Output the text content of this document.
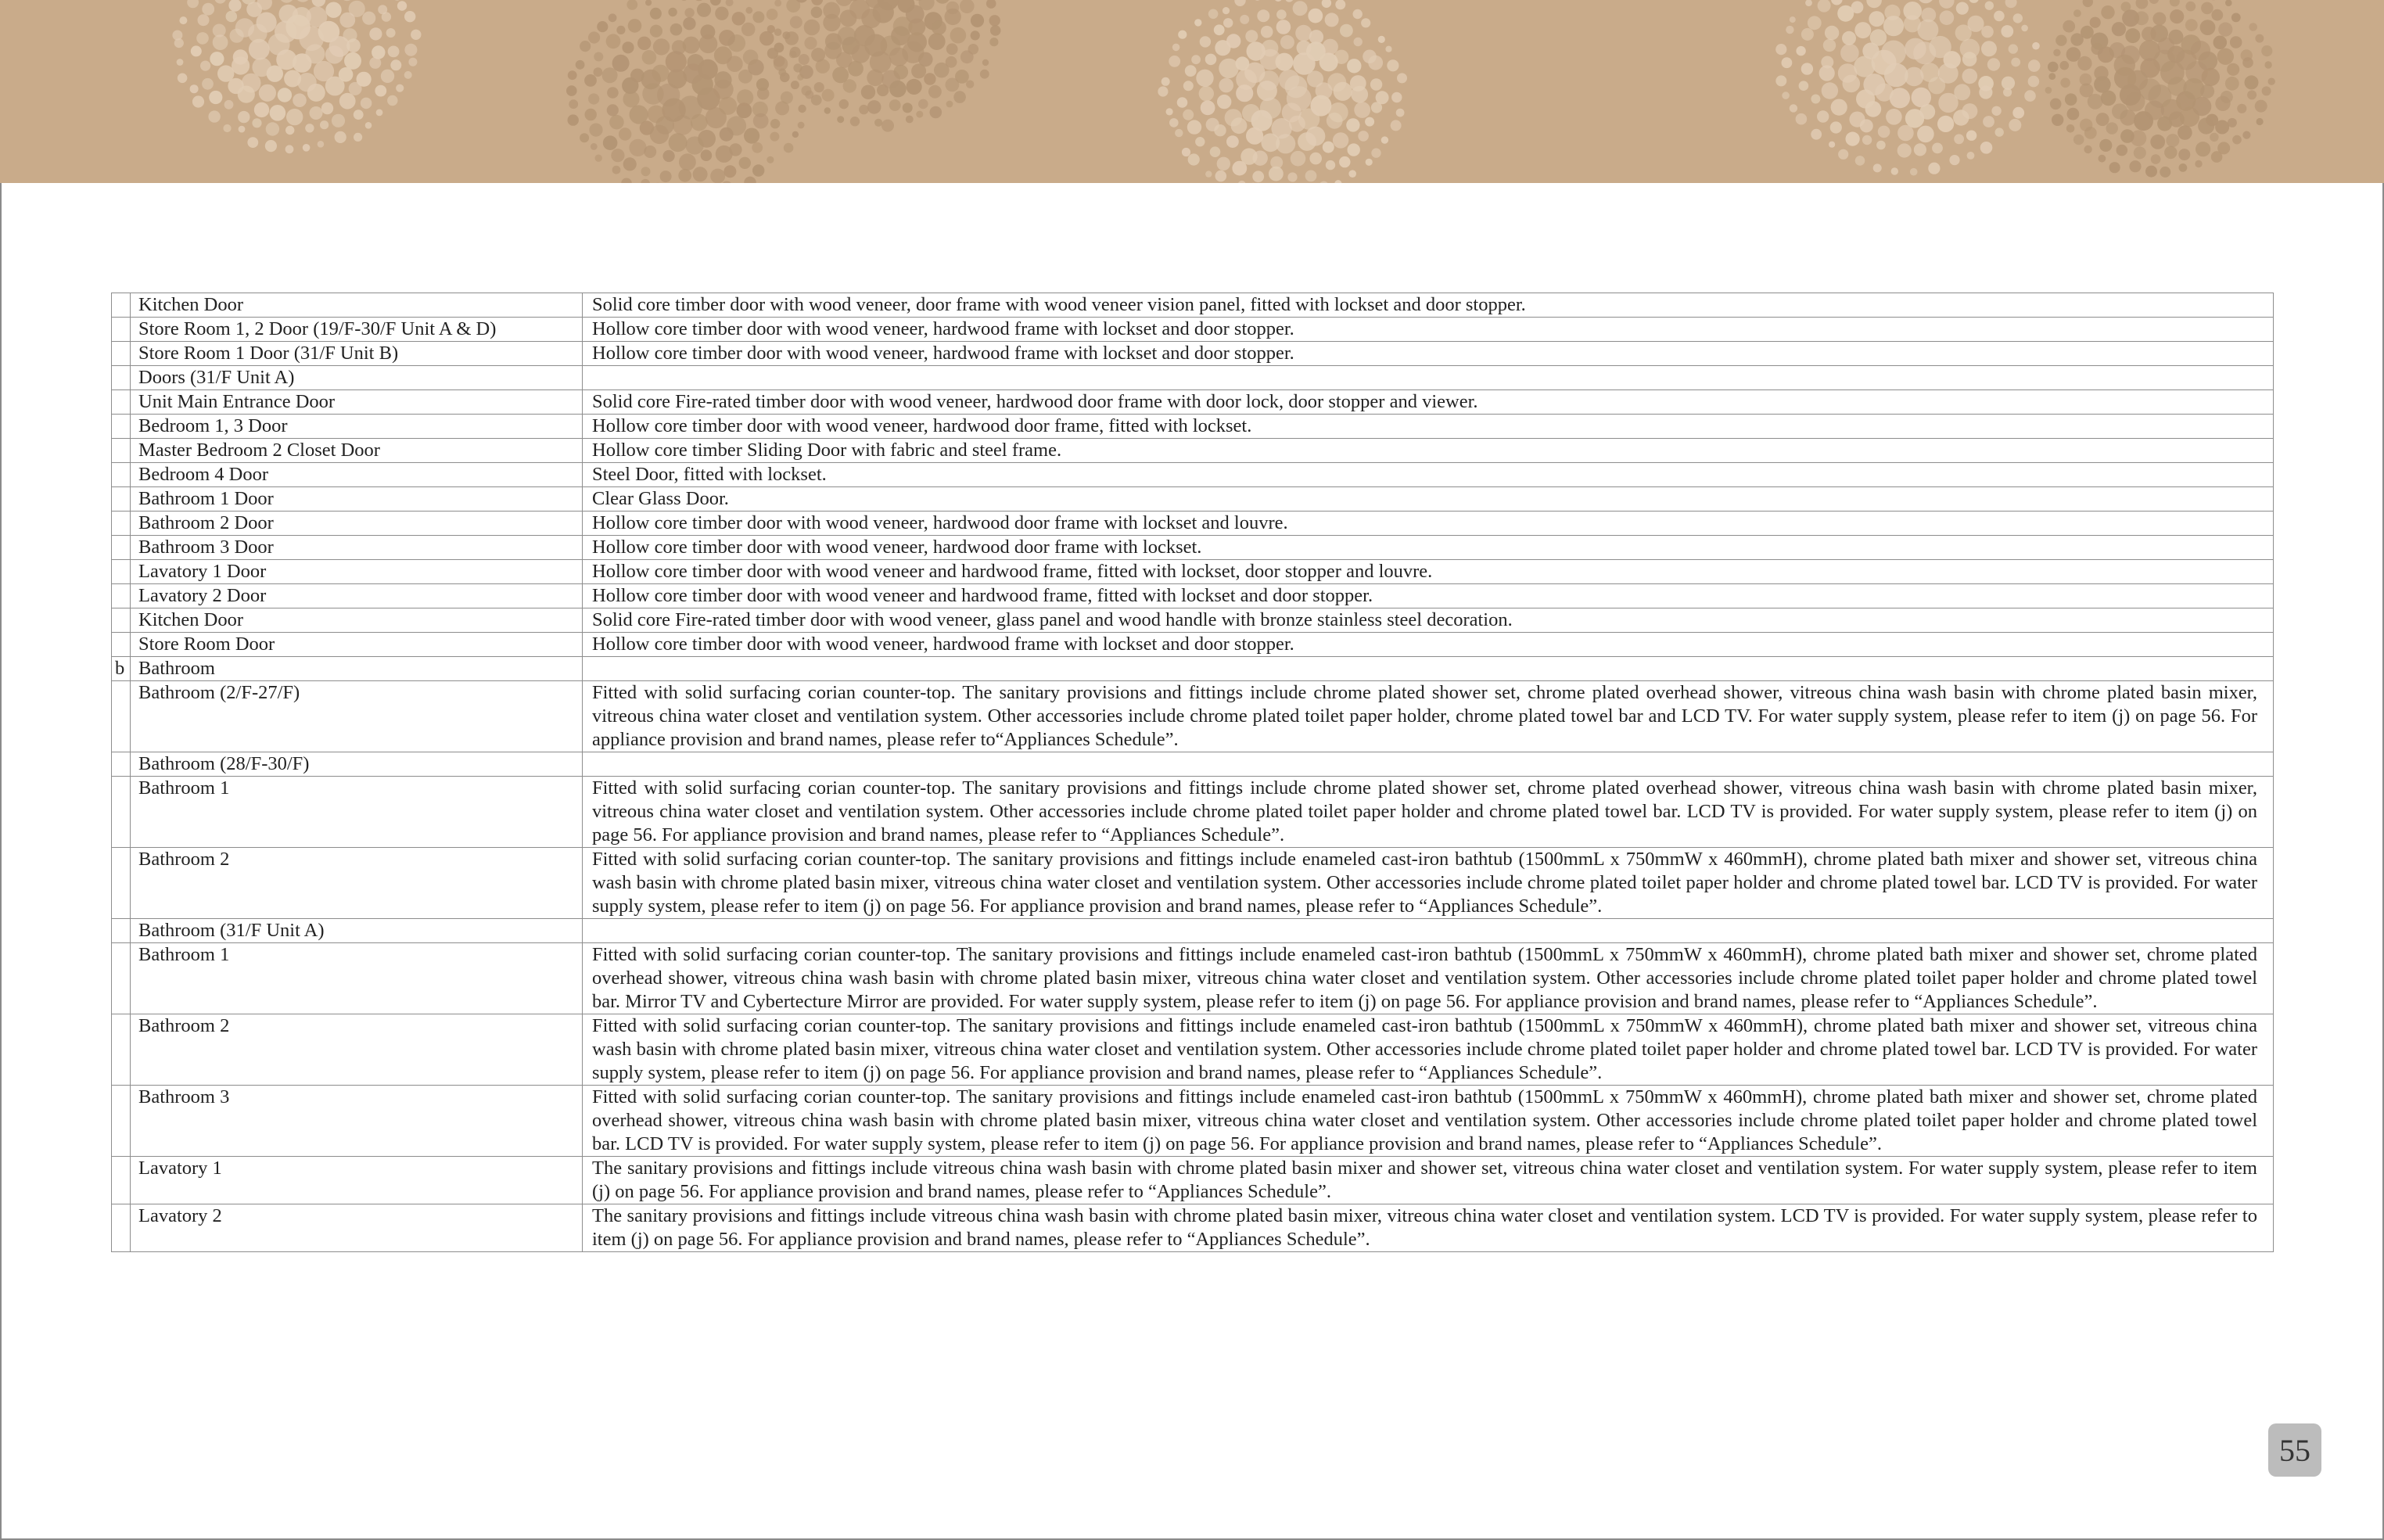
	Kitchen Door	Solid core timber door with wood veneer, door frame with wood veneer vision panel, fitted with lockset and door stopper.
	Store Room 1, 2 Door (19/F-30/F Unit A & D)	Hollow core timber door with wood veneer, hardwood frame with lockset and door stopper.
	Store Room 1 Door (31/F Unit B)	Hollow core timber door with wood veneer, hardwood frame with lockset and door stopper.
	Doors (31/F Unit A)	
	Unit Main Entrance Door	Solid core Fire-rated timber door with wood veneer, hardwood door frame with door lock, door stopper and viewer.
	Bedroom 1, 3 Door	Hollow core timber door with wood veneer, hardwood door frame, fitted with lockset.
	Master Bedroom 2 Closet Door	Hollow core timber Sliding Door with fabric and steel frame.
	Bedroom 4 Door	Steel Door, fitted with lockset.
	Bathroom 1 Door	Clear Glass Door.
	Bathroom 2 Door	Hollow core timber door with wood veneer, hardwood door frame with lockset and louvre.
	Bathroom 3 Door	Hollow core timber door with wood veneer, hardwood door frame with lockset.
	Lavatory 1 Door	Hollow core timber door with wood veneer and hardwood frame, fitted with lockset, door stopper and louvre.
	Lavatory 2 Door	Hollow core timber door with wood veneer and hardwood frame, fitted with lockset and door stopper.
	Kitchen Door	Solid core Fire-rated timber door with wood veneer, glass panel and wood handle with bronze stainless steel decoration.
	Store Room Door	Hollow core timber door with wood veneer, hardwood frame with lockset and door stopper.
b	Bathroom	
	Bathroom (2/F-27/F)	Fitted with solid surfacing corian counter-top. The sanitary provisions and fittings include chrome plated shower set, chrome plated overhead shower, vitreous china wash basin with chrome plated basin mixer, vitreous china water closet and ventilation system. Other accessories include chrome plated toilet paper holder, chrome plated towel bar and LCD TV. For water supply system, please refer to item (j) on page 56. For appliance provision and brand names, please refer to“Appliances Schedule”.
	Bathroom (28/F-30/F)	
	Bathroom 1	Fitted with solid surfacing corian counter-top. The sanitary provisions and fittings include chrome plated shower set, chrome plated overhead shower, vitreous china wash basin with chrome plated basin mixer, vitreous china water closet and ventilation system. Other accessories include chrome plated toilet paper holder and chrome plated towel bar. LCD TV is provided. For water supply system, please refer to item (j) on page 56. For appliance provision and brand names, please refer to “Appliances Schedule”.
	Bathroom 2	Fitted with solid surfacing corian counter-top. The sanitary provisions and fittings include enameled cast-iron bathtub (1500mmL x 750mmW x 460mmH), chrome plated bath mixer and shower set, vitreous china wash basin with chrome plated basin mixer, vitreous china water closet and ventilation system. Other accessories include chrome plated toilet paper holder and chrome plated towel bar. LCD TV is provided. For water supply system, please refer to item (j) on page 56. For appliance provision and brand names, please refer to “Appliances Schedule”.
	Bathroom (31/F Unit A)	
	Bathroom 1	Fitted with solid surfacing corian counter-top. The sanitary provisions and fittings include enameled cast-iron bathtub (1500mmL x 750mmW x 460mmH), chrome plated bath mixer and shower set, chrome plated overhead shower, vitreous china wash basin with chrome plated basin mixer, vitreous china water closet and ventilation system. Other accessories include chrome plated toilet paper holder and chrome plated towel bar. Mirror TV and Cybertecture Mirror are provided. For water supply system, please refer to item (j) on page 56. For appliance provision and brand names, please refer to “Appliances Schedule”.
	Bathroom 2	Fitted with solid surfacing corian counter-top. The sanitary provisions and fittings include enameled cast-iron bathtub (1500mmL x 750mmW x 460mmH), chrome plated bath mixer and shower set, vitreous china wash basin with chrome plated basin mixer, vitreous china water closet and ventilation system. Other accessories include chrome plated toilet paper holder and chrome plated towel bar. LCD TV is provided. For water supply system, please refer to item (j) on page 56. For appliance provision and brand names, please refer to “Appliances Schedule”.
	Bathroom 3	Fitted with solid surfacing corian counter-top. The sanitary provisions and fittings include enameled cast-iron bathtub (1500mmL x 750mmW x 460mmH), chrome plated bath mixer and shower set, chrome plated overhead shower, vitreous china wash basin with chrome plated basin mixer, vitreous china water closet and ventilation system. Other accessories include chrome plated toilet paper holder and chrome plated towel bar. LCD TV is provided. For water supply system, please refer to item (j) on page 56. For appliance provision and brand names, please refer to “Appliances Schedule”.
	Lavatory 1	The sanitary provisions and fittings include vitreous china wash basin with chrome plated basin mixer and shower set, vitreous china water closet and ventilation system. For water supply system, please refer to item (j) on page 56. For appliance provision and brand names, please refer to “Appliances Schedule”.
	Lavatory 2	The sanitary provisions and fittings include vitreous china wash basin with chrome plated basin mixer, vitreous china water closet and ventilation system. LCD TV is provided. For water supply system, please refer to item (j) on page 56. For appliance provision and brand names, please refer to “Appliances Schedule”.
55
